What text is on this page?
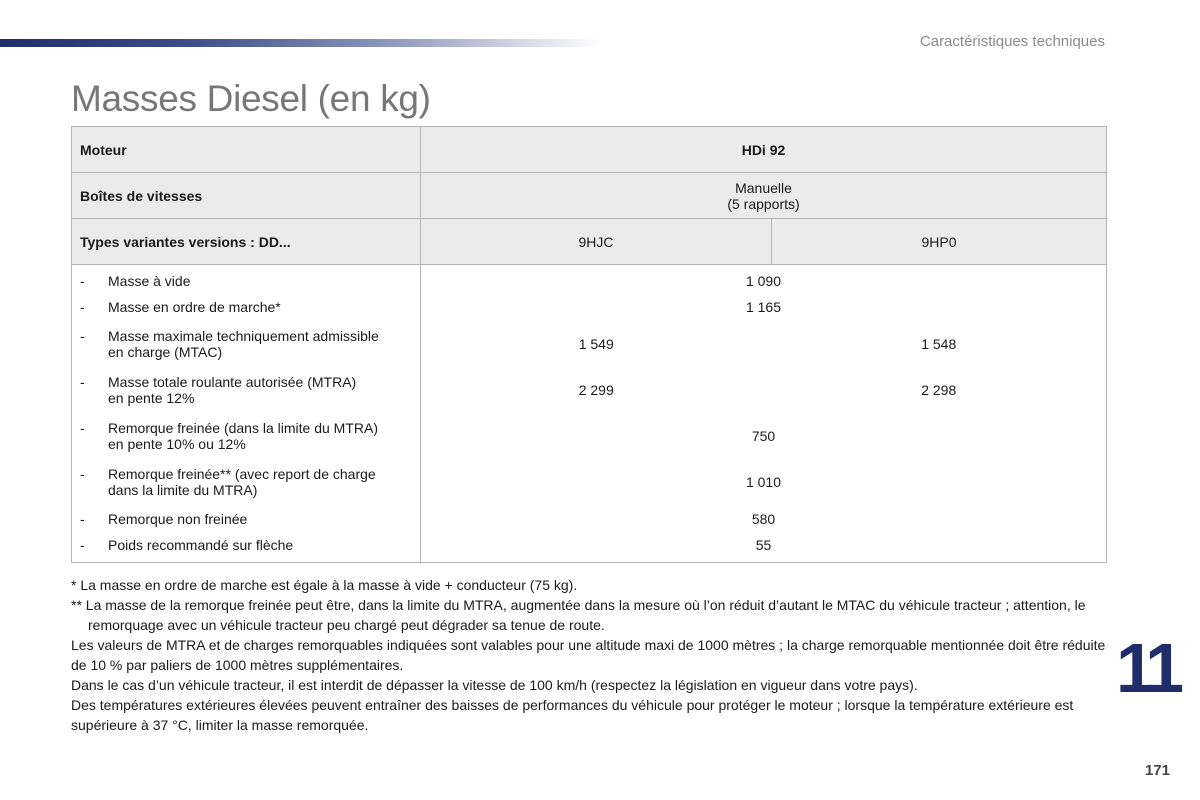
Caractéristiques techniques
Masses Diesel (en kg)
Moteur	HDi 92	
Boîtes de vitesses	Manuelle
(5 rapports)	

Types variantes versions : DD...	9HJC	9HP0

- Masse à vide	1 090	

- Masse en ordre de marche*	1 165	

- Masse maximale techniquement admissible
en charge (MTAC)	1 549	1 548

- Masse totale roulante autorisée (MTRA)
en pente 12%	2 299	2 298

- Remorque freinée (dans la limite du MTRA)
en pente 10% ou 12%	750	

- Remorque freinée** (avec report de charge
dans la limite du MTRA)	1 010	

- Remorque non freinée	580	

- Poids recommandé sur flèche	55	

* La masse en ordre de marche est égale à la masse à vide + conducteur (75 kg).

** La masse de la remorque freinée peut être, dans la limite du MTRA, augmentée dans la mesure où l’on réduit d’autant le MTAC du véhicule tracteur ; attention, le remorquage avec un véhicule tracteur peu chargé peut dégrader sa tenue de route.

Les valeurs de MTRA et de charges remorquables indiquées sont valables pour une altitude maxi de 1000 mètres ; la charge remorquable mentionnée doit être réduite de 10 % par paliers de 1000 mètres supplémentaires.

Dans le cas d’un véhicule tracteur, il est interdit de dépasser la vitesse de 100 km/h (respectez la législation en vigueur dans votre pays).

Des températures extérieures élevées peuvent entraîner des baisses de performances du véhicule pour protéger le moteur ; lorsque la température extérieure est supérieure à 37 °C, limiter la masse remorquée.

11
171
